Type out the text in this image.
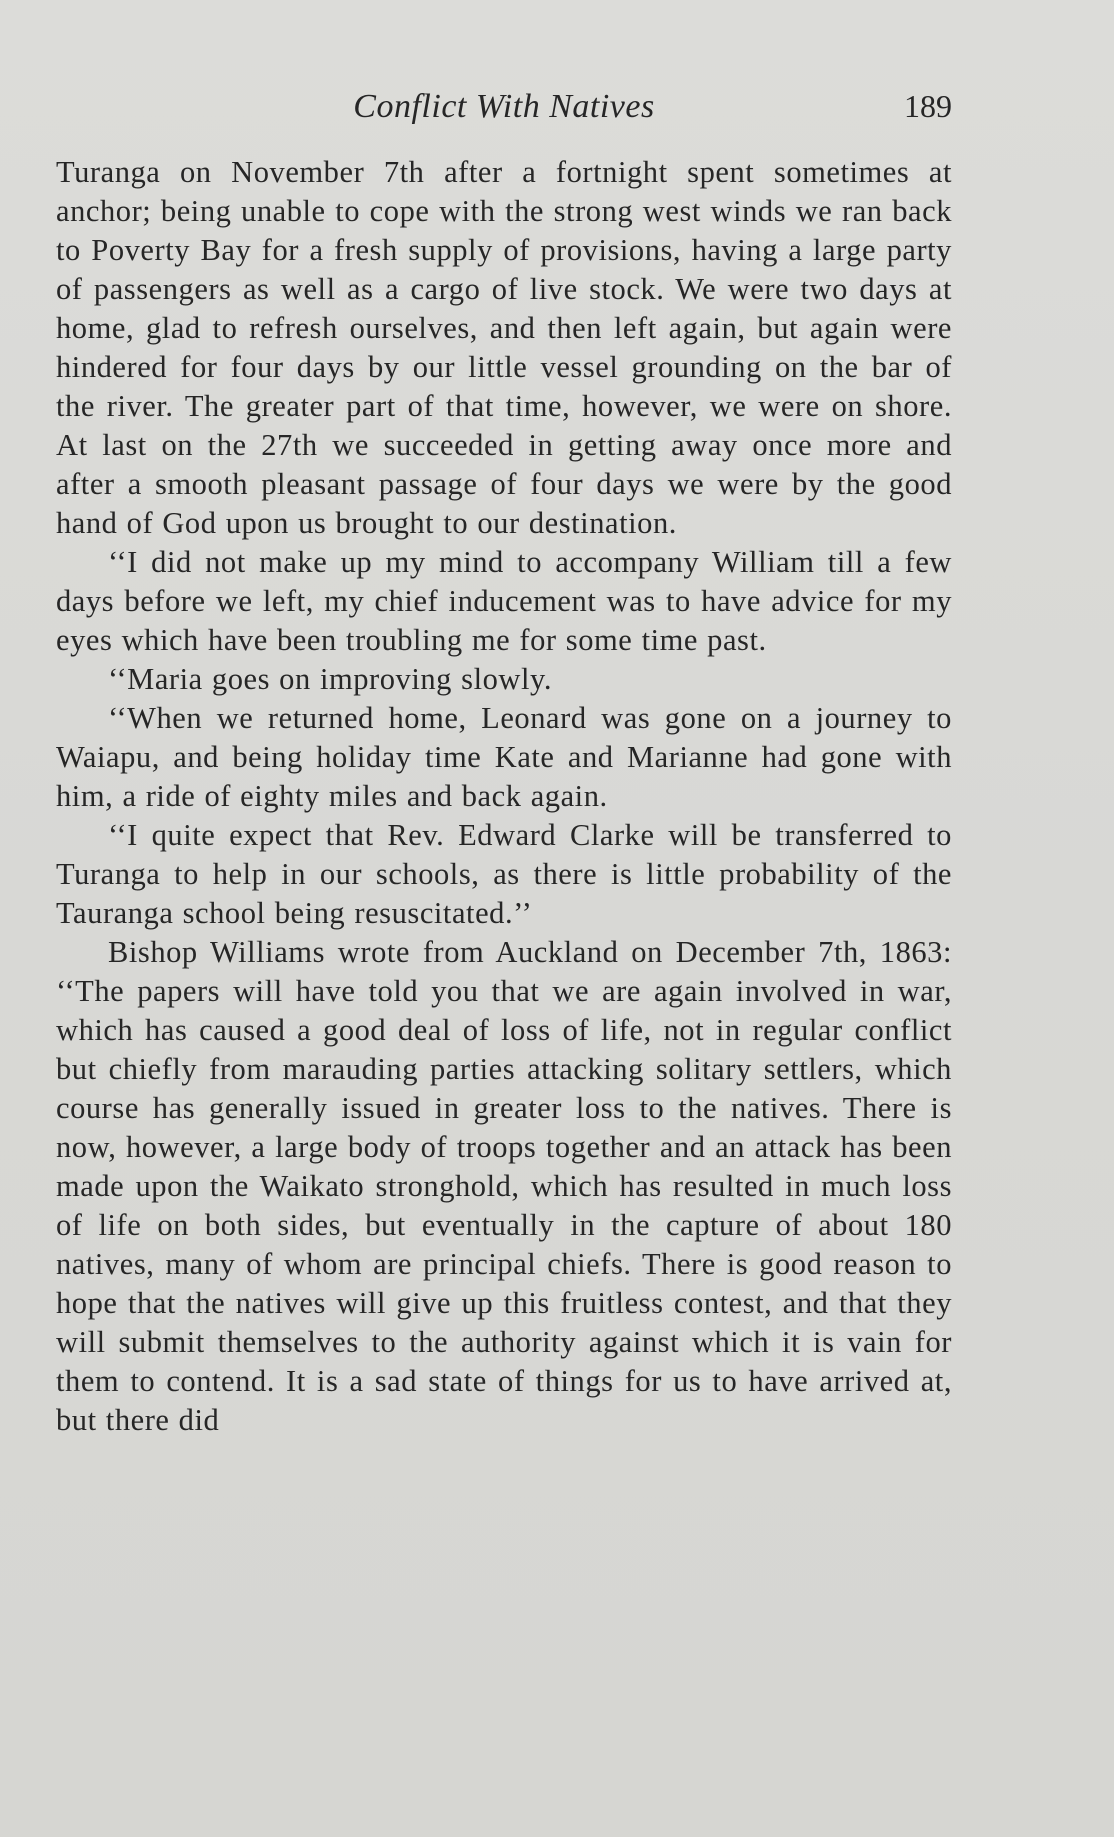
Conflict With Natives	189

Turanga on November 7th after a fortnight spent sometimes at anchor; being unable to cope with the strong west winds we ran back to Poverty Bay for a fresh supply of provisions, having a large party of passengers as well as a cargo of live stock. We were two days at home, glad to refresh ourselves, and then left again, but again were hindered for four days by our little vessel grounding on the bar of the river. The greater part of that time, however, we were on shore. At last on the 27th we succeeded in getting away once more and after a smooth pleasant passage of four days we were by the good hand of God upon us brought to our destination.

‘‘I did not make up my mind to accompany William till a few days before we left, my chief inducement was to have advice for my eyes which have been troubling me for some time past.

‘‘Maria goes on improving slowly.

‘‘When we returned home, Leonard was gone on a journey to Waiapu, and being holiday time Kate and Marianne had gone with him, a ride of eighty miles and back again.

‘‘I quite expect that Rev. Edward Clarke will be transferred to Turanga to help in our schools, as there is little probability of the Tauranga school being resuscitated.’’

Bishop Williams wrote from Auckland on December 7th, 1863: ‘‘The papers will have told you that we are again involved in war, which has caused a good deal of loss of life, not in regular conflict but chiefly from marauding parties attacking solitary settlers, which course has generally issued in greater loss to the natives. There is now, however, a large body of troops together and an attack has been made upon the Waikato stronghold, which has resulted in much loss of life on both sides, but eventually in the capture of about 180 natives, many of whom are principal chiefs. There is good reason to hope that the natives will give up this fruitless contest, and that they will submit themselves to the authority against which it is vain for them to contend. It is a sad state of things for us to have arrived at, but there did
